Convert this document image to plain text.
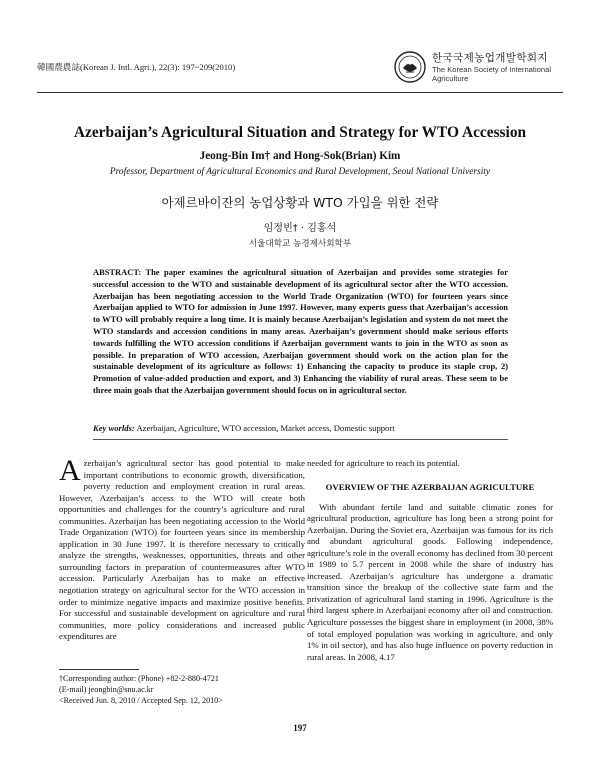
韓國農農誌(Korean J. Intl. Agri.), 22(3): 197~209(2010)
한국국제농업개발학회지
The Korean Society of International Agriculture
Azerbaijan’s Agricultural Situation and Strategy for WTO Accession
Jeong-Bin Im† and Hong-Sok(Brian) Kim
Professor, Department of Agricultural Economics and Rural Development, Seoul National University
아제르바이잔의 농업상황과 WTO 가입을 위한 전략
임정빈† · 김홍석
서울대학교 농경제사회학부
ABSTRACT: The paper examines the agricultural situation of Azerbaijan and provides some strategies for successful accession to the WTO and sustainable development of its agricultural sector after the WTO accession. Azerbaijan has been negotiating accession to the World Trade Organization (WTO) for fourteen years since Azerbaijan applied to WTO for admission in June 1997. However, many experts guess that Azerbaijan’s accession to WTO will probably require a long time. It is mainly because Azerbaijan’s legislation and system do not meet the WTO standards and accession conditions in many areas. Azerbaijan’s government should make serious efforts towards fulfilling the WTO accession conditions if Azerbaijan government wants to join in the WTO as soon as possible. In preparation of WTO accession, Azerbaijan government should work on the action plan for the sustainable development of its agriculture as follows: 1) Enhancing the capacity to produce its staple crop, 2) Promotion of value-added production and export, and 3) Enhancing the viability of rural areas. These seem to be three main goals that the Azerbaijan government should focus on in agricultural sector.
Key worlds: Azerbaijan, Agriculture, WTO accession, Market access, Domestic support

Azerbaijan’s agricultural sector has good potential to make important contributions to economic growth, diversification, poverty reduction and employment creation in rural areas. However, Azerbaijan’s access to the WTO will create both opportunities and challenges for the country’s agriculture and rural communities. Azerbaijan has been negotiating accession to the World Trade Organization (WTO) for fourteen years since its membership application in 30 June 1997. It is therefore necessary to critically analyze the strengths, weaknesses, opportunities, threats and other surrounding factors in preparation of countermeasures after WTO accession. Particularly Azerbaijan has to make an effective negotiation strategy on agricultural sector for the WTO accession in order to minimize negative impacts and maximize positive benefits. For successful and sustainable development on agriculture and rural communities, more policy considerations and increased public expenditures are

needed for agriculture to reach its potential.

OVERVIEW OF THE AZERBAIJAN AGRICULTURE

With abundant fertile land and suitable climatic zones for agricultural production, agriculture has long been a strong point for Azerbaijan. During the Soviet era, Azerbaijan was famous for its rich and abundant agricultural goods. Following independence, agriculture’s role in the overall economy has declined from 30 percent in 1989 to 5.7 percent in 2008 while the share of industry has increased. Azerbaijan’s agriculture has undergone a dramatic transition since the breakup of the collective state farm and the privatization of agricultural land starting in 1996. Agriculture is the third largest sphere in Azerbaijani economy after oil and construction. Agriculture possesses the biggest share in employment (in 2008, 38% of total employed population was working in agriculture, and only 1% in oil sector), and has also huge influence on poverty reduction in rural areas. In 2008, 4.17

†Corresponding author: (Phone) +82-2-880-4721
(E-mail) jeongbin@snu.ac.kr
<Received Jun. 8, 2010 / Accepted Sep. 12, 2010>
197
